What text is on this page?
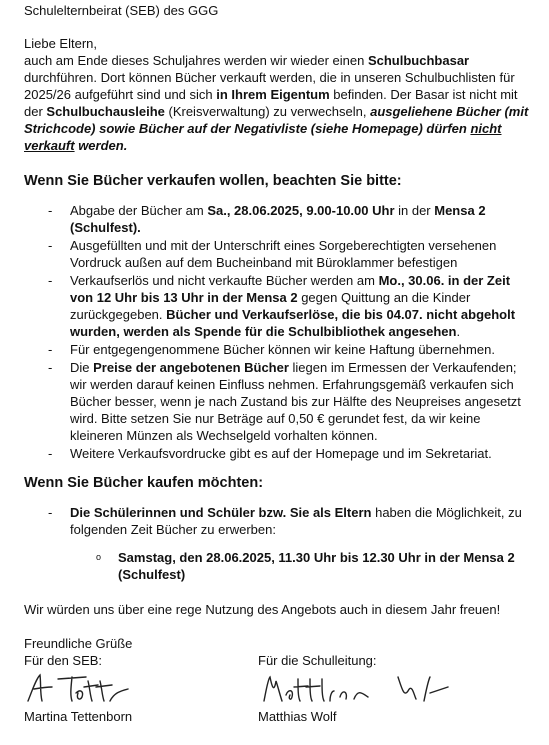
Schulelternbeirat (SEB) des GGG

Liebe Eltern,

auch am Ende dieses Schuljahres werden wir wieder einen Schulbuchbasar durchführen. Dort können Bücher verkauft werden, die in unseren Schulbuchlisten für 2025/26 aufgeführt sind und sich in Ihrem Eigentum befinden. Der Basar ist nicht mit der Schulbuchausleihe (Kreisverwaltung) zu verwechseln, ausgeliehene Bücher (mit Strichcode) sowie Bücher auf der Negativliste (siehe Homepage) dürfen nicht verkauft werden.

Wenn Sie Bücher verkaufen wollen, beachten Sie bitte:
- Abgabe der Bücher am Sa., 28.06.2025, 9.00-10.00 Uhr in der Mensa 2 (Schulfest).
- Ausgefüllten und mit der Unterschrift eines Sorgeberechtigten versehenen Vordruck außen auf dem Bucheinband mit Büroklammer befestigen
- Verkaufserlös und nicht verkaufte Bücher werden am Mo., 30.06. in der Zeit von 12 Uhr bis 13 Uhr in der Mensa 2 gegen Quittung an die Kinder zurückgegeben. Bücher und Verkaufserlöse, die bis 04.07. nicht abgeholt wurden, werden als Spende für die Schulbibliothek angesehen.
- Für entgegengenommene Bücher können wir keine Haftung übernehmen.
- Die Preise der angebotenen Bücher liegen im Ermessen der Verkaufenden; wir werden darauf keinen Einfluss nehmen. Erfahrungsgemäß verkaufen sich Bücher besser, wenn je nach Zustand bis zur Hälfte des Neupreises angesetzt wird. Bitte setzen Sie nur Beträge auf 0,50 € gerundet fest, da wir keine kleineren Münzen als Wechselgeld vorhalten können.
- Weitere Verkaufsvordrucke gibt es auf der Homepage und im Sekretariat.
Wenn Sie Bücher kaufen möchten:
- Die Schülerinnen und Schüler bzw. Sie als Eltern haben die Möglichkeit, zu folgenden Zeit Bücher zu erwerben:

o Samstag, den 28.06.2025, 11.30 Uhr bis 12.30 Uhr in der Mensa 2 (Schulfest)

Wir würden uns über eine rege Nutzung des Angebots auch in diesem Jahr freuen!

Freundliche Grüße
Für den SEB:
Martina Tettenborn
Für die Schulleitung:
Matthias Wolf
